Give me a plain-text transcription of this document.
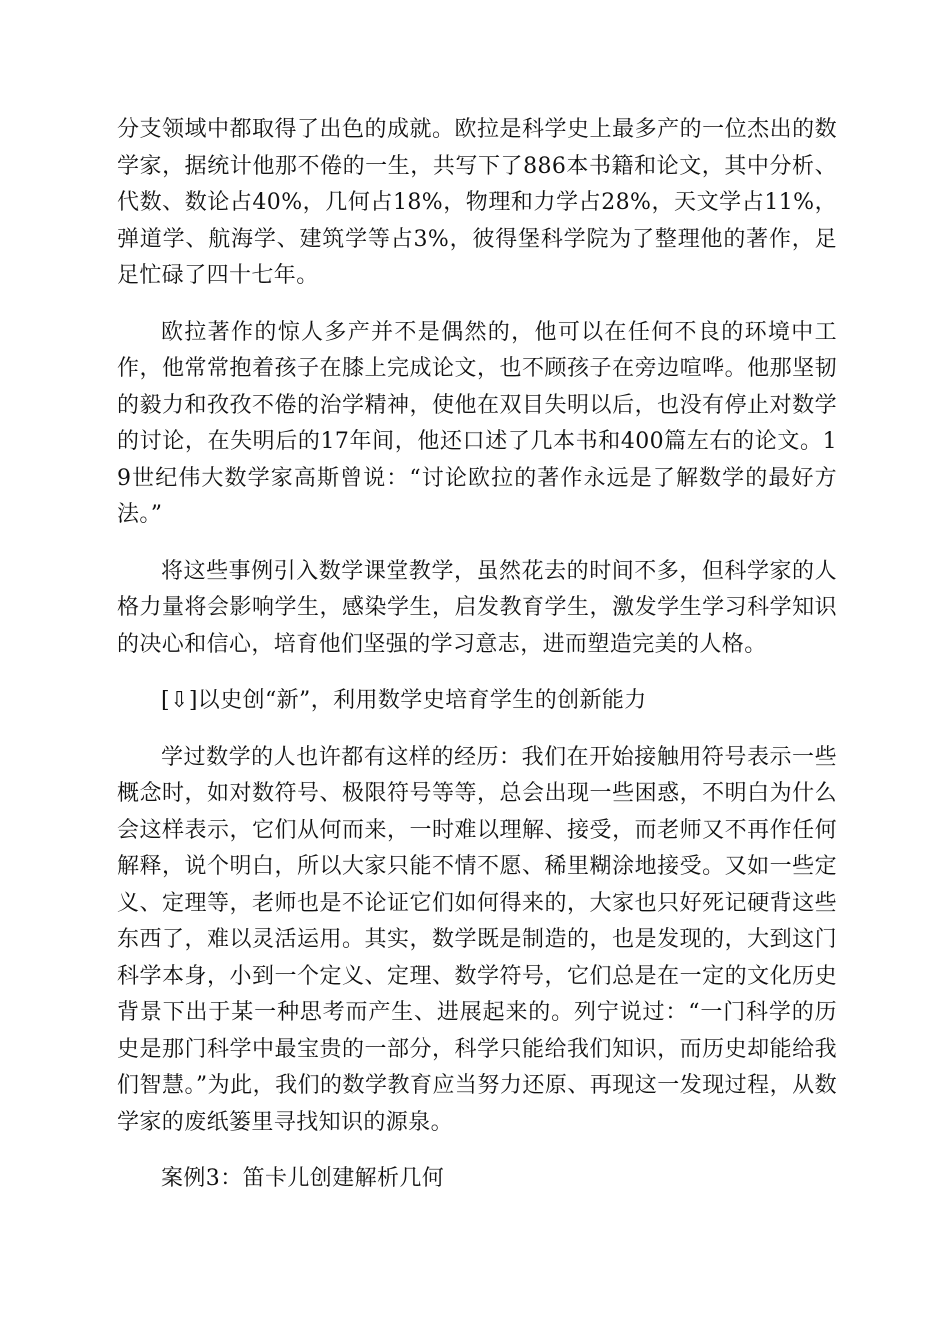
分支领域中都取得了出色的成就。欧拉是科学史上最多产的一位杰出的数学家，据统计他那不倦的一生，共写下了886本书籍和论文，其中分析、代数、数论占40%，几何占18%，物理和力学占28%，天文学占11%，弹道学、航海学、建筑学等占3%，彼得堡科学院为了整理他的著作，足足忙碌了四十七年。

欧拉著作的惊人多产并不是偶然的，他可以在任何不良的环境中工作，他常常抱着孩子在膝上完成论文，也不顾孩子在旁边喧哗。他那坚韧的毅力和孜孜不倦的治学精神，使他在双目失明以后，也没有停止对数学的讨论，在失明后的17年间，他还口述了几本书和400篇左右的论文。19世纪伟大数学家高斯曾说：“讨论欧拉的著作永远是了解数学的最好方法。”

将这些事例引入数学课堂教学，虽然花去的时间不多，但科学家的人格力量将会影响学生，感染学生，启发教育学生，激发学生学习科学知识的决心和信心，培育他们坚强的学习意志，进而塑造完美的人格。

[⇩]以史创“新”，利用数学史培育学生的创新能力

学过数学的人也许都有这样的经历：我们在开始接触用符号表示一些概念时，如对数符号、极限符号等等，总会出现一些困惑，不明白为什么会这样表示，它们从何而来，一时难以理解、接受，而老师又不再作任何解释，说个明白，所以大家只能不情不愿、稀里糊涂地接受。又如一些定义、定理等，老师也是不论证它们如何得来的，大家也只好死记硬背这些东西了，难以灵活运用。其实，数学既是制造的，也是发现的，大到这门科学本身，小到一个定义、定理、数学符号，它们总是在一定的文化历史背景下出于某一种思考而产生、进展起来的。列宁说过：“一门科学的历史是那门科学中最宝贵的一部分，科学只能给我们知识，而历史却能给我们智慧。”为此，我们的数学教育应当努力还原、再现这一发现过程，从数学家的废纸篓里寻找知识的源泉。

案例3：笛卡儿创建解析几何
